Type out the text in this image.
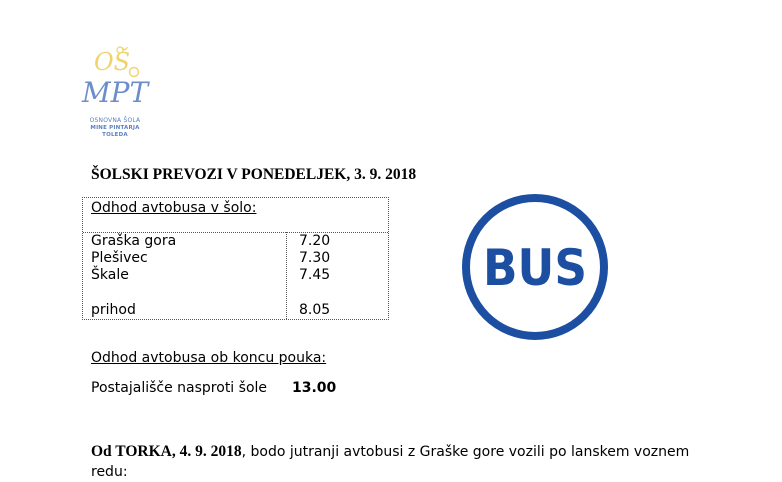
OŠ
MPT
OSNOVNA ŠOLA
MINE PINTARJA
TOLEDA
ŠOLSKI PREVOZI V PONEDELJEK, 3. 9. 2018
Odhod avtobusa v šolo:
Graška gora	7.20
Plešivec	7.30
Škale	7.45
prihod	8.05
Odhod avtobusa ob koncu pouka:
Postajališče nasproti šole 13.00
Od TORKA, 4. 9. 2018, bodo jutranji avtobusi z Graške gore vozili po lanskem voznem redu:
BUS
